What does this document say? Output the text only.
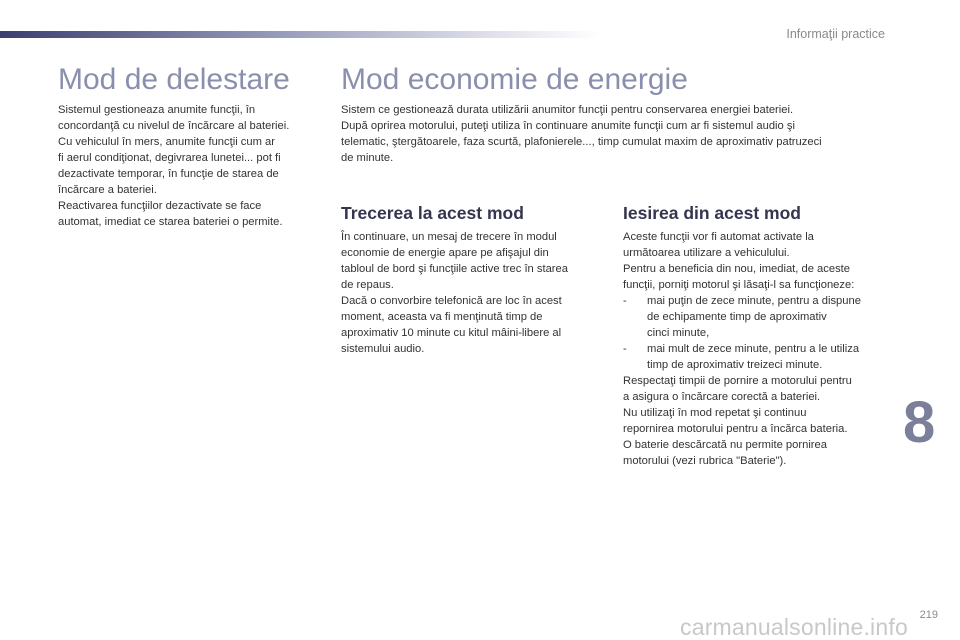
Informaţii practice
Mod de delestare
Sistemul gestioneaza anumite funcţii, în
concordanţă cu nivelul de încărcare al bateriei.
Cu vehiculul în mers, anumite funcţii cum ar
fi aerul condiţionat, degivrarea lunetei... pot fi
dezactivate temporar, în funcţie de starea de
încărcare a bateriei.
Reactivarea funcţiilor dezactivate se face
automat, imediat ce starea bateriei o permite.
Mod economie de energie
Sistem ce gestionează durata utilizării anumitor funcţii pentru conservarea energiei bateriei.
După oprirea motorului, puteţi utiliza în continuare anumite funcţii cum ar fi sistemul audio şi
telematic, ştergătoarele, faza scurtă, plafonierele..., timp cumulat maxim de aproximativ patruzeci
de minute.
Trecerea la acest mod
În continuare, un mesaj de trecere în modul
economie de energie apare pe afişajul din
tabloul de bord şi funcţiile active trec în starea
de repaus.
Dacă o convorbire telefonică are loc în acest
moment, aceasta va fi menţinută timp de
aproximativ 10 minute cu kitul mâini-libere al
sistemului audio.
Iesirea din acest mod
Aceste funcţii vor fi automat activate la
următoarea utilizare a vehiculului.
Pentru a beneficia din nou, imediat, de aceste
funcţii, porniţi motorul şi lăsaţi-l sa funcţioneze:
- mai puţin de zece minute, pentru a dispune
de echipamente timp de aproximativ
cinci minute,
- mai mult de zece minute, pentru a le utiliza
timp de aproximativ treizeci minute.
Respectaţi timpii de pornire a motorului pentru
a asigura o încărcare corectă a bateriei.
Nu utilizaţi în mod repetat şi continuu
repornirea motorului pentru a încărca bateria.
O baterie descărcată nu permite pornirea
motorului (vezi rubrica "Baterie").
8
219
carmanualsonline.info
